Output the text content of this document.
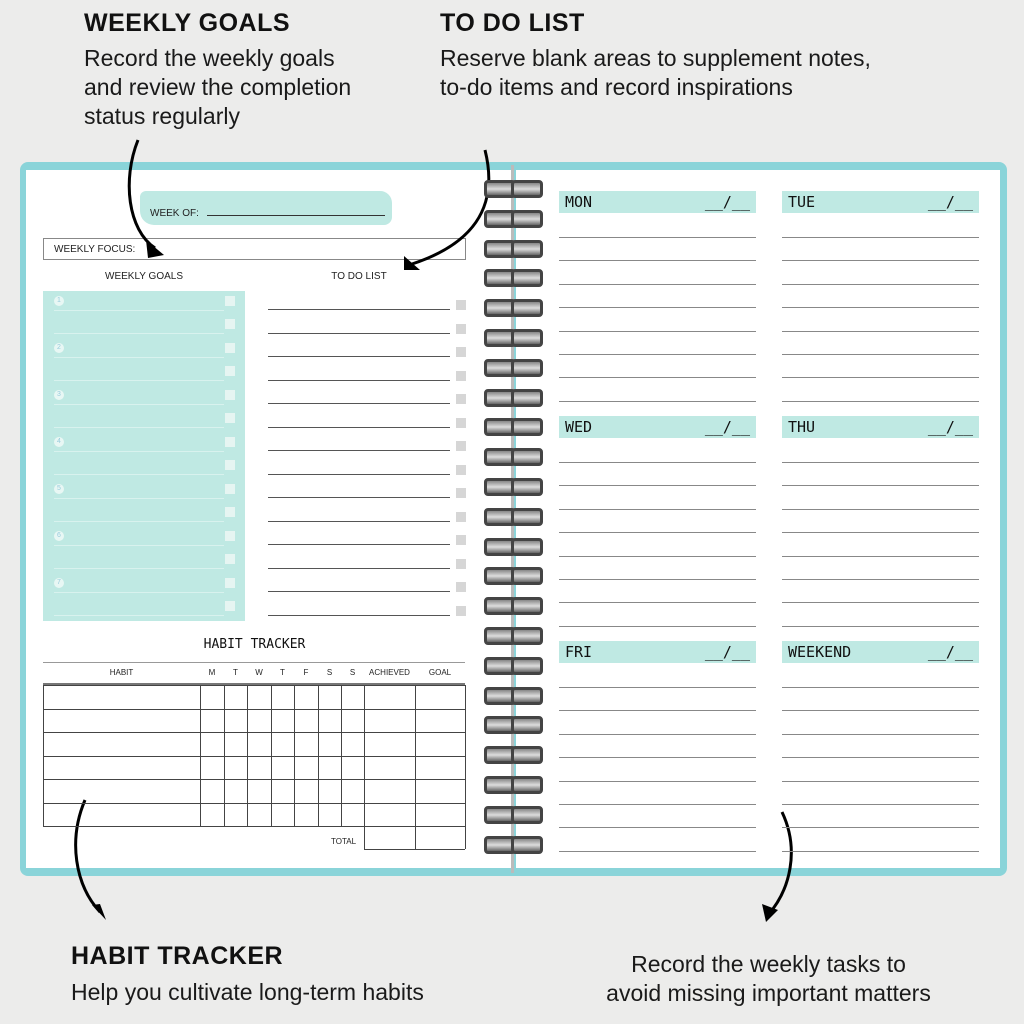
WEEKLY GOALS
Record the weekly goals
and review the completion
status regularly
TO DO LIST
Reserve blank areas to supplement notes,
to-do items and record inspirations
WEEK OF:
WEEKLY FOCUS:
WEEKLY GOALS	TO DO LIST
HABIT TRACKER
HABIT TRACKER
Help you cultivate long-term habits
Record the weekly tasks to
avoid missing important matters
1
2
3
4
5
6
7
HABIT	M	T	W	T	F	S	S	ACHIEVED	GOAL
TOTAL
MON	__/__	TUE	__/__
WED	__/__	THU	__/__
FRI	__/__	WEEKEND	__/__
